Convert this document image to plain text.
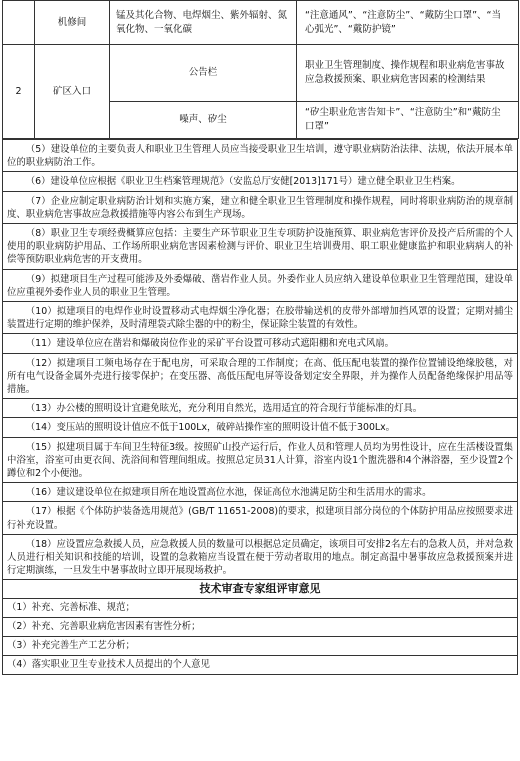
	机修间	锰及其化合物、电焊烟尘、紫外辐射、氮氧化物、一氧化碳	“注意通风”、“注意防尘”、“戴防尘口罩”、“当心弧光”、“戴防护镜”
2	矿区入口	公告栏	职业卫生管理制度、操作规程和职业病危害事故应急救援预案、职业病危害因素的检测结果
		噪声、矽尘	“矽尘职业危害告知卡”、“注意防尘”和“戴防尘口罩”
（5）建设单位的主要负责人和职业卫生管理人员应当接受职业卫生培训，遵守职业病防治法律、法规，依法开展本单位的职业病防治工作。
（6）建设单位应根据《职业卫生档案管理规范》（安监总厅安健[2013]171号）建立健全职业卫生档案。
（7）企业应制定职业病防治计划和实施方案，建立和健全职业卫生管理制度和操作规程，同时将职业病防治的规章制度、职业病危害事故应急救援措施等内容公布到生产现场。
（8）职业卫生专项经费概算应包括：主要生产环节职业卫生专项防护设施预算、职业病危害评价及投产后所需的个人使用的职业病防护用品、工作场所职业病危害因素检测与评价、职业卫生培训费用、职工职业健康监护和职业病病人的补偿等预防职业病危害的开支费用。
（9）拟建项目生产过程可能涉及外委爆破、凿岩作业人员。外委作业人员应纳入建设单位职业卫生管理范围，建设单位应重视外委作业人员的职业卫生管理。
（10）拟建项目的电焊作业时设置移动式电焊烟尘净化器；在胶带输送机的皮带外部增加挡风罩的设置；定期对捕尘装置进行定期的维护保养，及时清理袋式除尘器的中的粉尘，保证除尘装置的有效性。
（11）建设单位应在凿岩和爆破岗位作业的采矿平台设置可移动式遮阳棚和充电式风扇。
（12）拟建项目工频电场存在于配电房，可采取合理的工作制度；在高、低压配电装置的操作位置铺设绝缘胶毯，对所有电气设备金属外壳进行接零保护；在变压器、高低压配电屏等设备划定安全界限，并为操作人员配备绝缘保护用品等措施。
（13）办公楼的照明设计宜避免眩光，充分利用自然光，选用适宜的符合现行节能标准的灯具。
（14）变压站的照明设计值应不低于100Lx，破碎站操作室的照明设计值不低于300Lx。
（15）拟建项目属于车间卫生特征3级。按照矿山投产运行后，作业人员和管理人员均为男性设计，应在生活楼设置集中浴室，浴室可由更衣间、洗浴间和管理间组成。按照总定员31人计算，浴室内设1个盥洗器和4个淋浴器，至少设置2个蹲位和2个小便池。
（16）建议建设单位在拟建项目所在地设置高位水池，保证高位水池满足防尘和生活用水的需求。
（17）根据《个体防护装备选用规范》(GB/T 11651-2008)的要求，拟建项目部分岗位的个体防护用品应按照要求进行补充设置。
（18）应设置应急救援人员，应急救援人员的数量可以根据总定员确定，该项目可安排2名左右的急救人员，并对急救人员进行相关知识和技能的培训，设置的急救箱应当设置在便于劳动者取用的地点。制定高温中暑事故应急救援预案并进行定期演练，一旦发生中暑事故时立即开展现场救护。
技术审查专家组评审意见
（1）补充、完善标准、规范；
（2）补充、完善职业病危害因素有害性分析；
（3）补充完善生产工艺分析；
（4）落实职业卫生专业技术人员提出的个人意见
